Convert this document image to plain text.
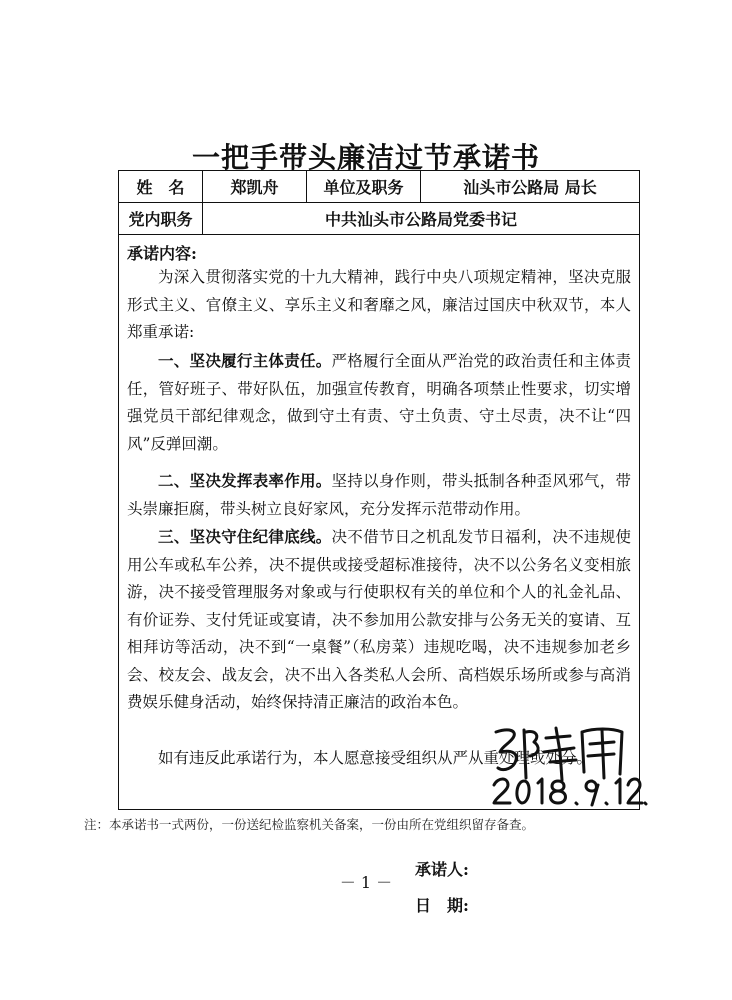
一把手带头廉洁过节承诺书
姓　名	郑凯舟	单位及职务	汕头市公路局 局长
党内职务	中共汕头市公路局党委书记
承诺内容:
为深入贯彻落实党的十九大精神，践行中央八项规定精神，坚决克服形式主义、官僚主义、享乐主义和奢靡之风，廉洁过国庆中秋双节，本人郑重承诺:
一、坚决履行主体责任。严格履行全面从严治党的政治责任和主体责任，管好班子、带好队伍，加强宣传教育，明确各项禁止性要求，切实增强党员干部纪律观念，做到守土有责、守土负责、守土尽责，决不让“四风”反弹回潮。
二、坚决发挥表率作用。坚持以身作则，带头抵制各种歪风邪气，带头崇廉拒腐，带头树立良好家风，充分发挥示范带动作用。
三、坚决守住纪律底线。决不借节日之机乱发节日福利，决不违规使用公车或私车公养，决不提供或接受超标准接待，决不以公务名义变相旅游，决不接受管理服务对象或与行使职权有关的单位和个人的礼金礼品、有价证券、支付凭证或宴请，决不参加用公款安排与公务无关的宴请、互相拜访等活动，决不到“一桌餐”（私房菜）违规吃喝，决不违规参加老乡会、校友会、战友会，决不出入各类私人会所、高档娱乐场所或参与高消费娱乐健身活动，始终保持清正廉洁的政治本色。
如有违反此承诺行为，本人愿意接受组织从严从重处理或处分。
承诺人:
日　期:
注：本承诺书一式两份，一份送纪检监察机关备案，一份由所在党组织留存备查。
－ 1 －
